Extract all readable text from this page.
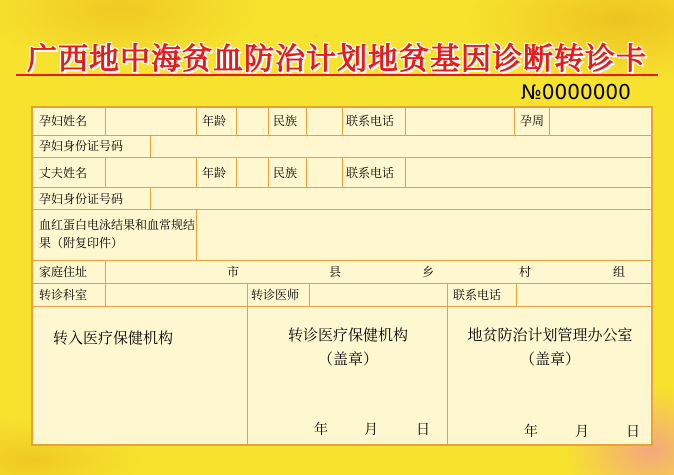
广西地中海贫血防治计划地贫基因诊断转诊卡
№0000000
孕妇姓名	年龄	民族	联系电话	孕周
孕妇身份证号码
丈夫姓名	年龄	民族	联系电话
孕妇身份证号码
血红蛋白电泳结果和血常规结果（附复印件）
家庭住址	市	县	乡	村	组
转诊科室	转诊医师	联系电话
转入医疗保健机构	转诊医疗保健机构
（盖章）
年	月	日
地贫防治计划管理办公室
（盖章）
年	月	日
